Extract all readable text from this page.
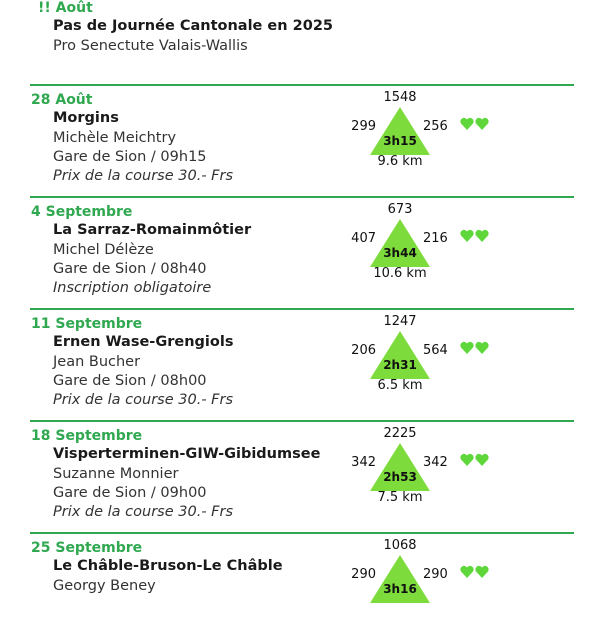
!! Août
Pas de Journée Cantonale en 2025
Pro Senectute Valais-Wallis
28 Août
Morgins
Michèle Meichtry
Gare de Sion / 09h15
Prix de la course 30.- Frs
1548
299	256
3h15
9.6 km
4 Septembre
La Sarraz-Romainmôtier
Michel Délèze
Gare de Sion / 08h40
Inscription obligatoire
673
407	216
3h44
10.6 km
11 Septembre
Ernen Wase-Grengiols
Jean Bucher
Gare de Sion / 08h00
Prix de la course 30.- Frs
1247
206	564
2h31
6.5 km
18 Septembre
Visperterminen-GIW-Gibidumsee
Suzanne Monnier
Gare de Sion / 09h00
Prix de la course 30.- Frs
2225
342	342
2h53
7.5 km
25 Septembre
Le Châble-Bruson-Le Châble
Georgy Beney
1068
290	290
3h16
